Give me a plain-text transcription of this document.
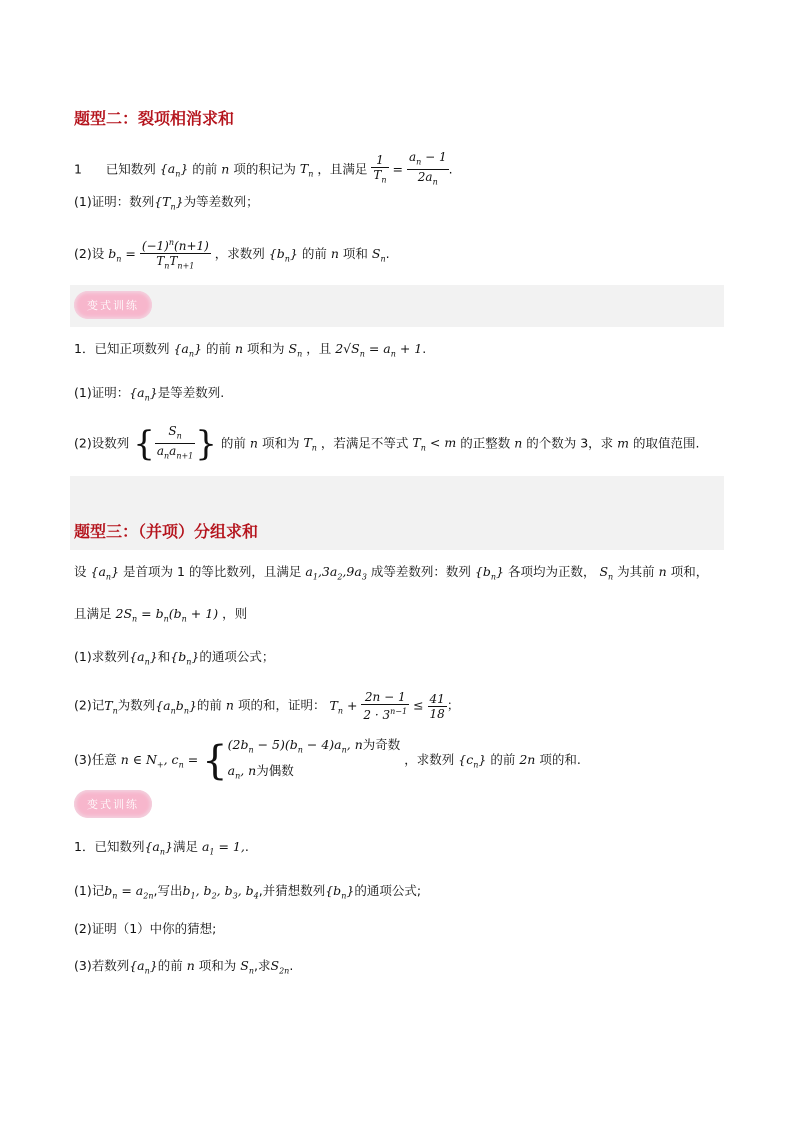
题型二：裂项相消求和
1 已知数列 $\{a_n\}$ 的前 n 项的积记为 $T_n$ ，且满足 $\frac{1}{T_n} = \frac{a_n - 1}{2a_n}$ .
(1)证明：数列$\{T_n\}$为等差数列；
(2)设 $b_n = \frac{(-1)^n(n+1)}{T_nT_{n+1}}$ ，求数列 $\{b_n\}$ 的前 n 项和 $S_n$.
变式训练
1．已知正项数列 $\{a_n\}$ 的前 n 项和为 $S_n$ ，且 $2√S_n = a_n + 1$.
(1)证明：$\{a_n\}$是等差数列.
(2)设数列 { $\frac{S_n}{a_na_{n+1}}$ } 的前 n 项和为 $T_n$ ，若满足不等式 $T_n < m$ 的正整数 n 的个数为 3，求 m 的取值范围.
题型三：（并项）分组求和
设 $\{a_n\}$ 是首项为 1 的等比数列，且满足 $a_1,3a_2,9a_3$ 成等差数列：数列 $\{b_n\}$ 各项均为正数， $S_n$ 为其前 n 项和，
且满足 $2S_n = b_n(b_n + 1)$ ，则
(1)求数列$\{a_n\}$和$\{b_n\}$的通项公式；
(2)记$T_n$为数列$\{a_nb_n\}$的前 n 项的和，证明： $T_n + \frac{2n - 1}{2 \cdot 3^{n-1}} \le \frac{41}{18}$ ；
(3)任意 n ∈ $N_+$, $c_n$ = { $(2b_n - 5)(b_n - 4)a_n$, n为奇数
$a_n$, n为偶数
，求数列 $\{c_n\}$ 的前 2n 项的和.
变式训练
1．已知数列$\{a_n\}$满足 $a_1 = 1$,.
(1)记$b_n = a_{2n}$,写出$b_1$, $b_2$, $b_3$, $b_4$,并猜想数列$\{b_n\}$的通项公式;
(2)证明（1）中你的猜想;
(3)若数列$\{a_n\}$的前 n 项和为 $S_n$,求$S_{2n}$.
